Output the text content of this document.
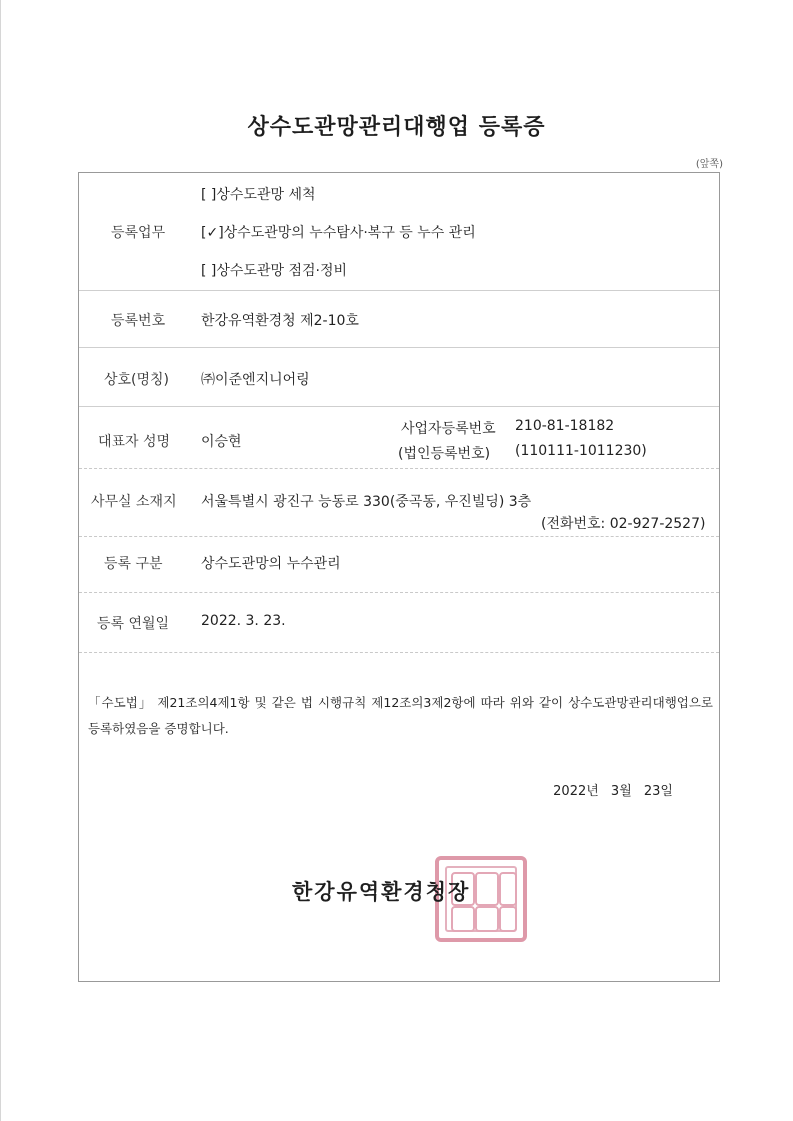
상수도관망관리대행업 등록증
(앞쪽)
등록업무
[ ]상수도관망 세척
[✓]상수도관망의 누수탐사·복구 등 누수 관리
[ ]상수도관망 점검·정비
등록번호	한강유역환경청 제2-10호
상호(명칭) ㈜이준엔지니어링
대표자 성명 이승현
사업자등록번호 210-81-18182
(법인등록번호) (110111-1011230)
사무실 소재지 서울특별시 광진구 능동로 330(중곡동, 우진빌딩) 3층
(전화번호: 02-927-2527)
등록 구분	상수도관망의 누수관리
등록 연월일 2022. 3. 23.
「수도법」 제21조의4제1항 및 같은 법 시행규칙 제12조의3제2항에 따라 위와 같이 상수도관망관리대행업으로 등록하였음을 증명합니다.
2022년 3월 23일
한강유역환경청장
